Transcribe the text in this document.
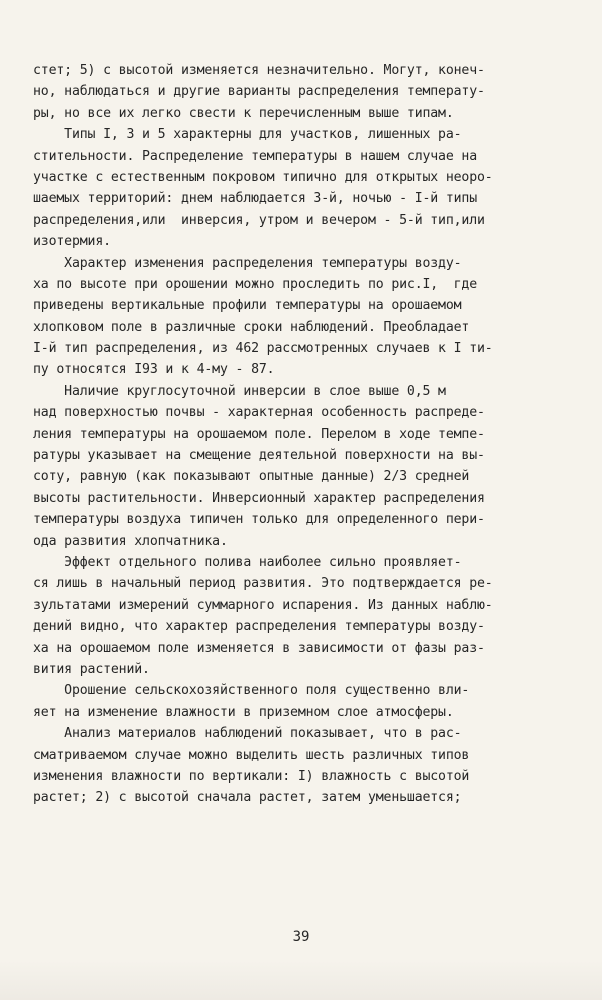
стет; 5) с высотой изменяется незначительно. Могут, конеч-
но, наблюдаться и другие варианты распределения температу-
ры, но все их легко свести к перечисленным выше типам.
Типы I, 3 и 5 характерны для участков, лишенных ра-
стительности. Распределение температуры в нашем случае на
участке с естественным покровом типично для открытых неоро-
шаемых территорий: днем наблюдается 3-й, ночью - I-й типы
распределения,или  инверсия, утром и вечером - 5-й тип,или
изотермия.
Характер изменения распределения температуры возду-
ха по высоте при орошении можно проследить по рис.I,  где
приведены вертикальные профили температуры на орошаемом
хлопковом поле в различные сроки наблюдений. Преобладает
I-й тип распределения, из 462 рассмотренных случаев к I ти-
пу относятся I93 и к 4-му - 87.
Наличие круглосуточной инверсии в слое выше 0,5 м
над поверхностью почвы - характерная особенность распреде-
ления температуры на орошаемом поле. Перелом в ходе темпе-
ратуры указывает на смещение деятельной поверхности на вы-
соту, равную (как показывают опытные данные) 2/3 средней
высоты растительности. Инверсионный характер распределения
температуры воздуха типичен только для определенного пери-
ода развития хлопчатника.
Эффект отдельного полива наиболее сильно проявляет-
ся лишь в начальный период развития. Это подтверждается ре-
зультатами измерений суммарного испарения. Из данных наблю-
дений видно, что характер распределения температуры возду-
ха на орошаемом поле изменяется в зависимости от фазы раз-
вития растений.
Орошение сельскохозяйственного поля существенно вли-
яет на изменение влажности в приземном слое атмосферы.
Анализ материалов наблюдений показывает, что в рас-
сматриваемом случае можно выделить шесть различных типов
изменения влажности по вертикали: I) влажность с высотой
растет; 2) с высотой сначала растет, затем уменьшается;
39
